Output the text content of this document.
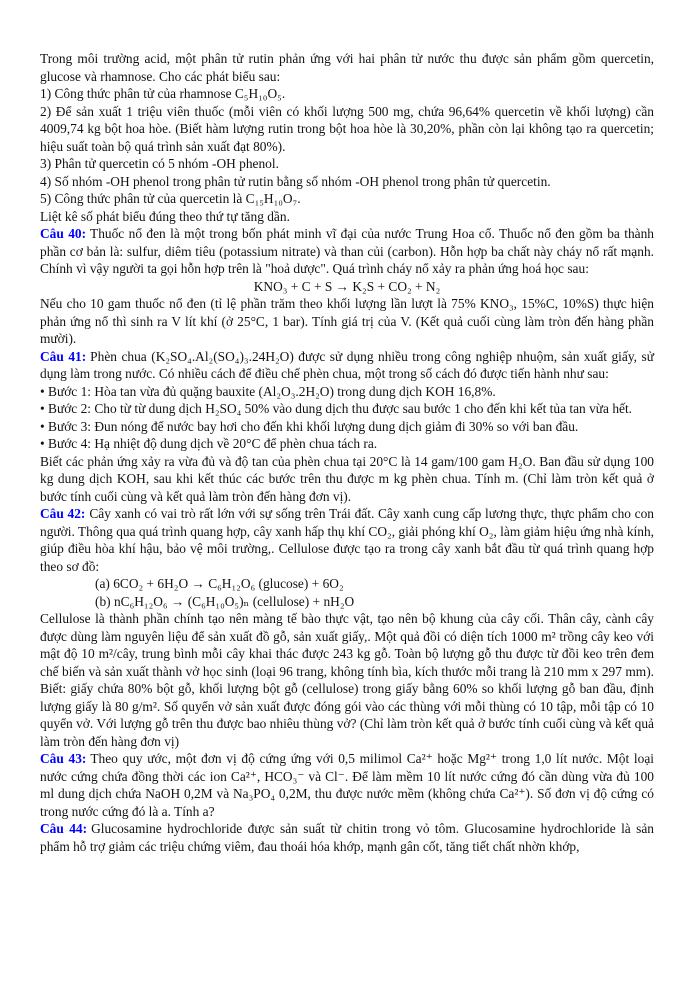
Trong môi trường acid, một phân tử rutin phản ứng với hai phân tử nước thu được sản phẩm gồm quercetin, glucose và rhamnose. Cho các phát biểu sau:

1) Công thức phân tử của rhamnose C₅H₁₀O₅.

2) Để sản xuất 1 triệu viên thuốc (mỗi viên có khối lượng 500 mg, chứa 96,64% quercetin về khối lượng) cần 4009,74 kg bột hoa hòe. (Biết hàm lượng rutin trong bột hoa hòe là 30,20%, phần còn lại không tạo ra quercetin; hiệu suất toàn bộ quá trình sản xuất đạt 80%).

3) Phân tử quercetin có 5 nhóm -OH phenol.

4) Số nhóm -OH phenol trong phân tử rutin bằng số nhóm -OH phenol trong phân tử quercetin.

5) Công thức phân tử của quercetin là C₁₅H₁₀O₇.

Liệt kê số phát biểu đúng theo thứ tự tăng dần.

Câu 40: Thuốc nổ đen là một trong bốn phát minh vĩ đại của nước Trung Hoa cổ. Thuốc nổ đen gồm ba thành phần cơ bản là: sulfur, diêm tiêu (potassium nitrate) và than củi (carbon). Hỗn hợp ba chất này cháy nổ rất mạnh. Chính vì vậy người ta gọi hỗn hợp trên là "hoả dược". Quá trình cháy nổ xảy ra phản ứng hoá học sau:

KNO₃ + C + S → K₂S + CO₂ + N₂

Nếu cho 10 gam thuốc nổ đen (tỉ lệ phần trăm theo khối lượng lần lượt là 75% KNO₃, 15%C, 10%S) thực hiện phản ứng nổ thì sinh ra V lít khí (ở 25°C, 1 bar). Tính giá trị của V. (Kết quả cuối cùng làm tròn đến hàng phần mười).

Câu 41: Phèn chua (K₂SO₄.Al₂(SO₄)₃.24H₂O) được sử dụng nhiều trong công nghiệp nhuộm, sản xuất giấy, sử dụng làm trong nước. Có nhiều cách để điều chế phèn chua, một trong số cách đó được tiến hành như sau:

• Bước 1: Hòa tan vừa đủ quặng bauxite (Al₂O₃.2H₂O) trong dung dịch KOH 16,8%.

• Bước 2: Cho từ từ dung dịch H₂SO₄ 50% vào dung dịch thu được sau bước 1 cho đến khi kết tủa tan vừa hết.

• Bước 3: Đun nóng để nước bay hơi cho đến khi khối lượng dung dịch giảm đi 30% so với ban đầu.

• Bước 4: Hạ nhiệt độ dung dịch về 20°C để phèn chua tách ra.

Biết các phản ứng xảy ra vừa đủ và độ tan của phèn chua tại 20°C là 14 gam/100 gam H₂O. Ban đầu sử dụng 100 kg dung dịch KOH, sau khi kết thúc các bước trên thu được m kg phèn chua. Tính m. (Chỉ làm tròn kết quả ở bước tính cuối cùng và kết quả làm tròn đến hàng đơn vị).

Câu 42: Cây xanh có vai trò rất lớn với sự sống trên Trái đất. Cây xanh cung cấp lương thực, thực phẩm cho con người. Thông qua quá trình quang hợp, cây xanh hấp thụ khí CO₂, giải phóng khí O₂, làm giảm hiệu ứng nhà kính, giúp điều hòa khí hậu, bảo vệ môi trường,. Cellulose được tạo ra trong cây xanh bắt đầu từ quá trình quang hợp theo sơ đồ:

(a) 6CO₂ + 6H₂O → C₆H₁₂O₆ (glucose) + 6O₂

(b) nC₆H₁₂O₆ → (C₆H₁₀O₅)ₙ (cellulose) + nH₂O

Cellulose là thành phần chính tạo nên màng tế bào thực vật, tạo nên bộ khung của cây cối. Thân cây, cành cây được dùng làm nguyên liệu để sản xuất đồ gỗ, sản xuất giấy,. Một quả đồi có diện tích 1000 m² trồng cây keo với mật độ 10 m²/cây, trung bình mỗi cây khai thác được 243 kg gỗ. Toàn bộ lượng gỗ thu được từ đồi keo trên đem chế biến và sản xuất thành vở học sinh (loại 96 trang, không tính bìa, kích thước mỗi trang là 210 mm x 297 mm). Biết: giấy chứa 80% bột gỗ, khối lượng bột gỗ (cellulose) trong giấy bằng 60% so khối lượng gỗ ban đầu, định lượng giấy là 80 g/m². Số quyển vở sản xuất được đóng gói vào các thùng với mỗi thùng có 10 tập, mỗi tập có 10 quyển vở. Với lượng gỗ trên thu được bao nhiêu thùng vở? (Chỉ làm tròn kết quả ở bước tính cuối cùng và kết quả làm tròn đến hàng đơn vị)

Câu 43: Theo quy ước, một đơn vị độ cứng ứng với 0,5 milimol Ca²⁺ hoặc Mg²⁺ trong 1,0 lít nước. Một loại nước cứng chứa đồng thời các ion Ca²⁺, HCO₃⁻ và Cl⁻. Để làm mềm 10 lít nước cứng đó cần dùng vừa đủ 100 ml dung dịch chứa NaOH 0,2M và Na₃PO₄ 0,2M, thu được nước mềm (không chứa Ca²⁺). Số đơn vị độ cứng có trong nước cứng đó là a. Tính a?

Câu 44: Glucosamine hydrochloride được sản suất từ chitin trong vỏ tôm. Glucosamine hydrochloride là sản phẩm hỗ trợ giảm các triệu chứng viêm, đau thoái hóa khớp, mạnh gân cốt, tăng tiết chất nhờn khớp,
